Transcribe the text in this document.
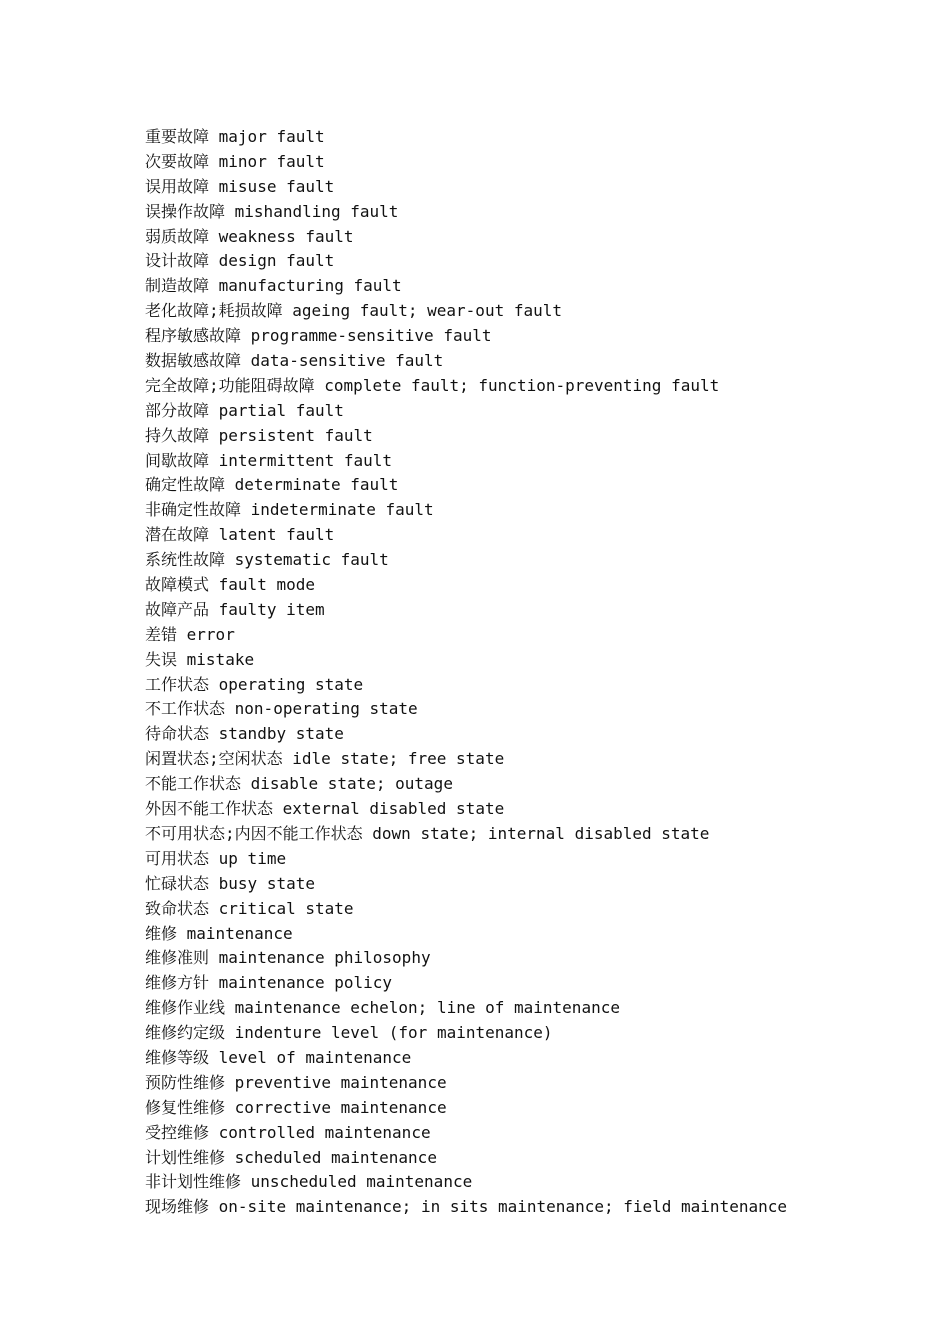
重要故障 major fault
次要故障 minor fault
误用故障 misuse fault
误操作故障 mishandling fault
弱质故障 weakness fault
设计故障 design fault
制造故障 manufacturing fault
老化故障;耗损故障 ageing fault; wear-out fault
程序敏感故障 programme-sensitive fault
数据敏感故障 data-sensitive fault
完全故障;功能阻碍故障 complete fault; function-preventing fault
部分故障 partial fault
持久故障 persistent fault
间歇故障 intermittent fault
确定性故障 determinate fault
非确定性故障 indeterminate fault
潜在故障 latent fault
系统性故障 systematic fault
故障模式 fault mode
故障产品 faulty item
差错 error
失误 mistake
工作状态 operating state
不工作状态 non-operating state
待命状态 standby state
闲置状态;空闲状态 idle state; free state
不能工作状态 disable state; outage
外因不能工作状态 external disabled state
不可用状态;内因不能工作状态 down state; internal disabled state
可用状态 up time
忙碌状态 busy state
致命状态 critical state
维修 maintenance
维修准则 maintenance philosophy
维修方针 maintenance policy
维修作业线 maintenance echelon; line of maintenance
维修约定级 indenture level (for maintenance)
维修等级 level of maintenance
预防性维修 preventive maintenance
修复性维修 corrective maintenance
受控维修 controlled maintenance
计划性维修 scheduled maintenance
非计划性维修 unscheduled maintenance
现场维修 on-site maintenance; in sits maintenance; field maintenance
